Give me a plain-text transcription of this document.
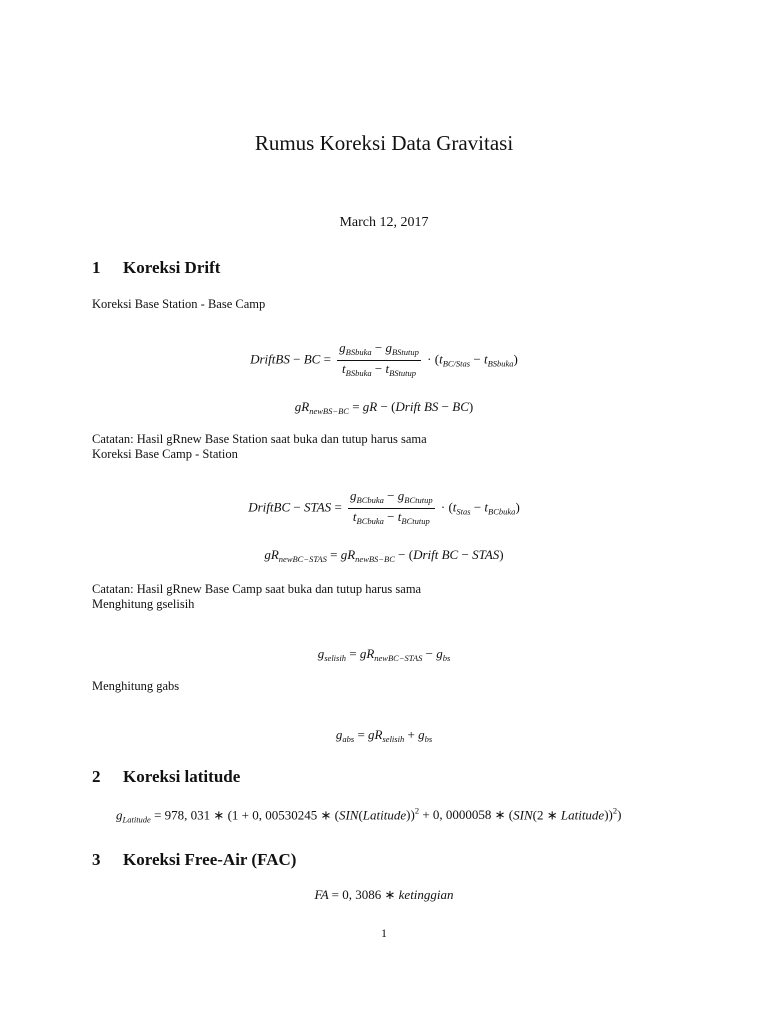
Rumus Koreksi Data Gravitasi
March 12, 2017
1 Koreksi Drift
Koreksi Base Station - Base Camp
DriftBS − BC = $\frac{g_{BSbuka} - g_{BStutup}}{t_{BSbuka} - t_{BStutup}} \cdot (t_{BC/Stas} - t_{BSbuka})$
$gR_{newBS-BC}$ = gR − (Drift BS − BC)
Catatan: Hasil gRnew Base Station saat buka dan tutup harus sama
Koreksi Base Camp - Station
DriftBC − STAS = $\frac{g_{BCbuka} - g_{BCtutup}}{t_{BCbuka} - t_{BCtutup}} \cdot (t_{Stas} - t_{BCbuka})$
$gR_{newBC-STAS} = gR_{newBS-BC}$ − (Drift BC − STAS)
Catatan: Hasil gRnew Base Camp saat buka dan tutup harus sama
Menghitung gselisih
$g_{selisih} = gR_{newBC-STAS} - g_{bs}$
Menghitung gabs
$g_{abs} = gR_{selisih} + g_{bs}$
2 Koreksi latitude
$g_{Latitude} = 978$, 031 ∗ (1 + 0, 00530245 ∗ (SIN(Latitude))$^2$ + 0, 0000058 ∗ (SIN(2 ∗ Latitude))$^2$)
3 Koreksi Free-Air (FAC)
FA = 0, 3086 ∗ ketinggian
1
